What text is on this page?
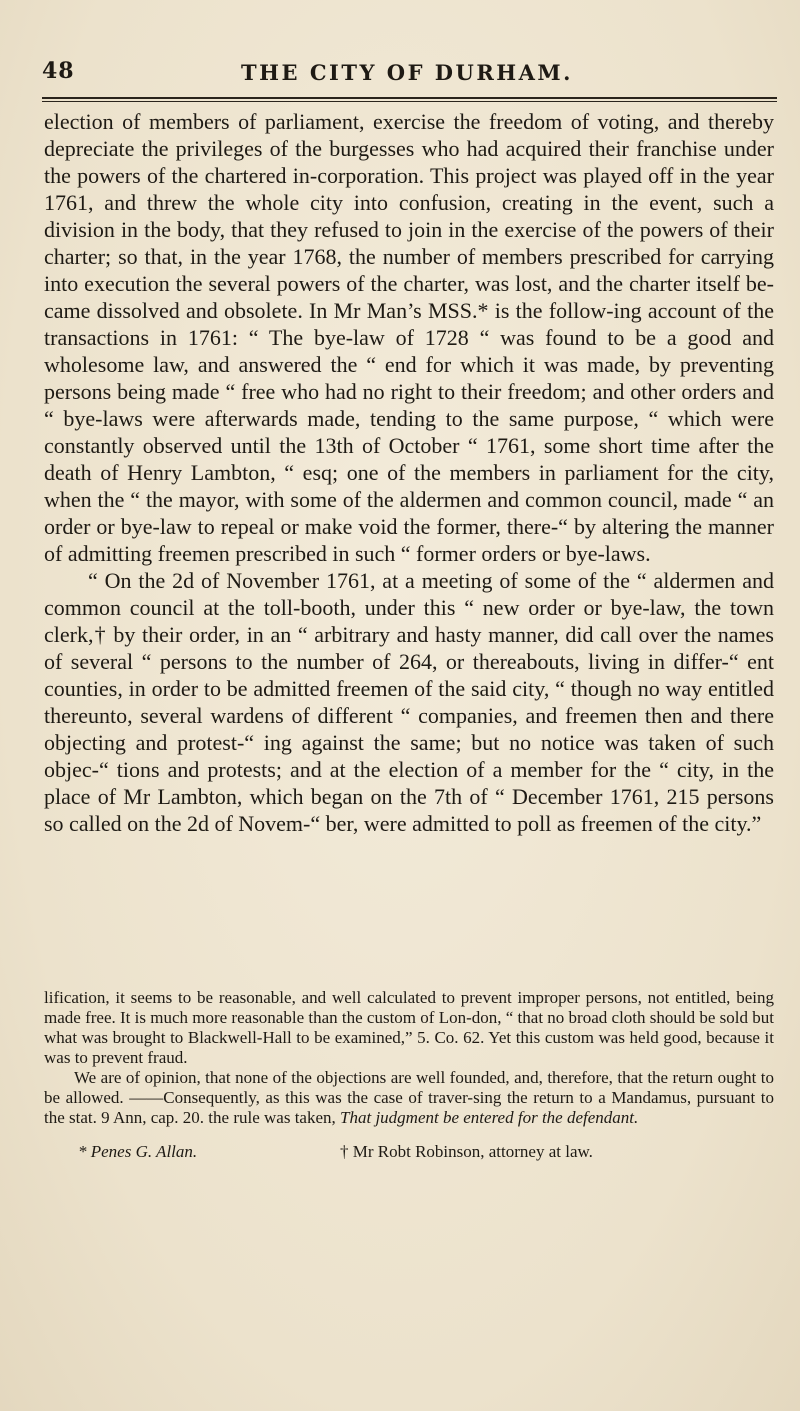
48	THE CITY OF DURHAM.

election of members of parliament, exercise the freedom of voting, and thereby depreciate the privileges of the burgesses who had acquired their franchise under the powers of the chartered in-corporation. This project was played off in the year 1761, and threw the whole city into confusion, creating in the event, such a division in the body, that they refused to join in the exercise of the powers of their charter; so that, in the year 1768, the number of members prescribed for carrying into execution the several powers of the charter, was lost, and the charter itself be-came dissolved and obsolete. In Mr Man’s MSS.* is the follow-ing account of the transactions in 1761: “ The bye-law of 1728 “ was found to be a good and wholesome law, and answered the “ end for which it was made, by preventing persons being made “ free who had no right to their freedom; and other orders and “ bye-laws were afterwards made, tending to the same purpose, “ which were constantly observed until the 13th of October “ 1761, some short time after the death of Henry Lambton, “ esq; one of the members in parliament for the city, when the “ the mayor, with some of the aldermen and common council, made “ an order or bye-law to repeal or make void the former, there-“ by altering the manner of admitting freemen prescribed in such “ former orders or bye-laws.

“ On the 2d of November 1761, at a meeting of some of the “ aldermen and common council at the toll-booth, under this “ new order or bye-law, the town clerk,† by their order, in an “ arbitrary and hasty manner, did call over the names of several “ persons to the number of 264, or thereabouts, living in differ-“ ent counties, in order to be admitted freemen of the said city, “ though no way entitled thereunto, several wardens of different “ companies, and freemen then and there objecting and protest-“ ing against the same; but no notice was taken of such objec-“ tions and protests; and at the election of a member for the “ city, in the place of Mr Lambton, which began on the 7th of “ December 1761, 215 persons so called on the 2d of Novem-“ ber, were admitted to poll as freemen of the city.”

lification, it seems to be reasonable, and well calculated to prevent improper persons, not entitled, being made free. It is much more reasonable than the custom of Lon-don, “ that no broad cloth should be sold but what was brought to Blackwell-Hall to be examined,” 5. Co. 62. Yet this custom was held good, because it was to prevent fraud.

We are of opinion, that none of the objections are well founded, and, therefore, that the return ought to be allowed. ——Consequently, as this was the case of traver-sing the return to a Mandamus, pursuant to the stat. 9 Ann, cap. 20. the rule was taken, That judgment be entered for the defendant.

* Penes G. Allan.	† Mr Robt Robinson, attorney at law.
